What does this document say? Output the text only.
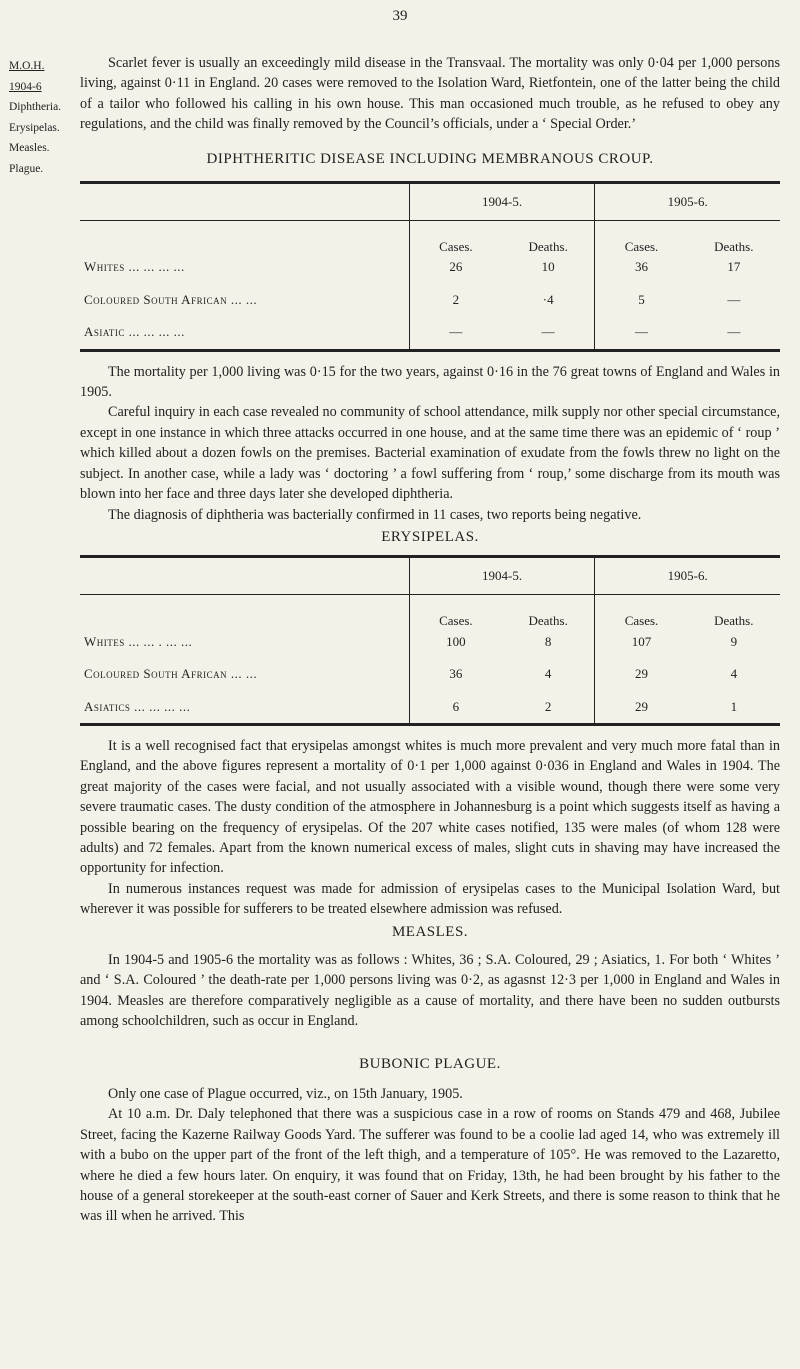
39
M.O.H. 1904-6
Diphtheria.
Erysipelas.
Measles.
Plague.

Scarlet fever is usually an exceedingly mild disease in the Transvaal. The mortality was only 0·04 per 1,000 persons living, against 0·11 in England. 20 cases were removed to the Isolation Ward, Rietfontein, one of the latter being the child of a tailor who followed his calling in his own house. This man occasioned much trouble, as he refused to obey any regulations, and the child was finally removed by the Council’s officials, under a ‘ Special Order.’

DIPHTHERITIC DISEASE INCLUDING MEMBRANOUS CROUP.
	1904-5.		1905-6.	
	Cases.	Deaths.	Cases.	Deaths.
Whites ... ... ... ...	26	10	36	17
Coloured South African ... ...	2	·4	5	—
Asiatic ... ... ... ...	—	—	—	—

The mortality per 1,000 living was 0·15 for the two years, against 0·16 in the 76 great towns of England and Wales in 1905.

Careful inquiry in each case revealed no community of school attendance, milk supply nor other special circumstance, except in one instance in which three attacks occurred in one house, and at the same time there was an epidemic of ‘ roup ’ which killed about a dozen fowls on the premises. Bacterial examination of exudate from the fowls threw no light on the subject. In another case, while a lady was ‘ doctoring ’ a fowl suffering from ‘ roup,’ some discharge from its mouth was blown into her face and three days later she developed diphtheria.

The diagnosis of diphtheria was bacterially confirmed in 11 cases, two reports being negative.

ERYSIPELAS.
	1904-5.		1905-6.	
	Cases.	Deaths.	Cases.	Deaths.
Whites ... ... . ... ...	100	8	107	9
Coloured South African ... ...	36	4	29	4
Asiatics ... ... ... ...	6	2	29	1

It is a well recognised fact that erysipelas amongst whites is much more prevalent and very much more fatal than in England, and the above figures represent a mortality of 0·1 per 1,000 against 0·036 in England and Wales in 1904. The great majority of the cases were facial, and not usually associated with a visible wound, though there were some very severe traumatic cases. The dusty condition of the atmosphere in Johannesburg is a point which suggests itself as having a possible bearing on the frequency of erysipelas. Of the 207 white cases notified, 135 were males (of whom 128 were adults) and 72 females. Apart from the known numerical excess of males, slight cuts in shaving may have increased the opportunity for infection.

In numerous instances request was made for admission of erysipelas cases to the Municipal Isolation Ward, but wherever it was possible for sufferers to be treated elsewhere admission was refused.

MEASLES.

In 1904-5 and 1905-6 the mortality was as follows : Whites, 36 ; S.A. Coloured, 29 ; Asiatics, 1. For both ‘ Whites ’ and ‘ S.A. Coloured ’ the death-rate per 1,000 persons living was 0·2, as agasnst 12·3 per 1,000 in England and Wales in 1904. Measles are therefore comparatively negligible as a cause of mortality, and there have been no sudden outbursts among schoolchildren, such as occur in England.

BUBONIC PLAGUE.

Only one case of Plague occurred, viz., on 15th January, 1905.

At 10 a.m. Dr. Daly telephoned that there was a suspicious case in a row of rooms on Stands 479 and 468, Jubilee Street, facing the Kazerne Railway Goods Yard. The sufferer was found to be a coolie lad aged 14, who was extremely ill with a bubo on the upper part of the front of the left thigh, and a temperature of 105°. He was removed to the Lazaretto, where he died a few hours later. On enquiry, it was found that on Friday, 13th, he had been brought by his father to the house of a general storekeeper at the south-east corner of Sauer and Kerk Streets, and there is some reason to think that he was ill when he arrived. This
